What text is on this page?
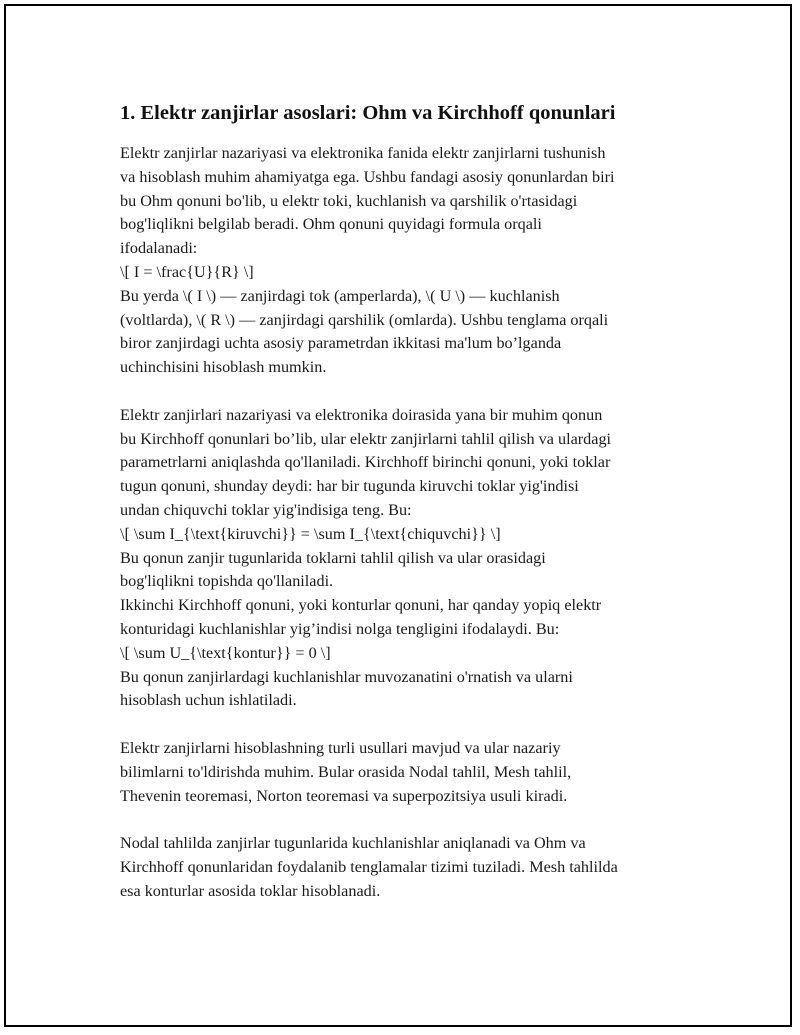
1. Elektr zanjirlar asoslari: Ohm va Kirchhoff qonunlari
Elektr zanjirlar nazariyasi va elektronika fanida elektr zanjirlarni tushunish
va hisoblash muhim ahamiyatga ega. Ushbu fandagi asosiy qonunlardan biri
bu Ohm qonuni bo'lib, u elektr toki, kuchlanish va qarshilik o'rtasidagi
bog'liqlikni belgilab beradi. Ohm qonuni quyidagi formula orqali
ifodalanadi:
\[ I = \frac{U}{R} \]
Bu yerda \( I \) — zanjirdagi tok (amperlarda), \( U \) — kuchlanish
(voltlarda), \( R \) — zanjirdagi qarshilik (omlarda). Ushbu tenglama orqali
biror zanjirdagi uchta asosiy parametrdan ikkitasi ma'lum bo’lganda
uchinchisini hisoblash mumkin.
Elektr zanjirlari nazariyasi va elektronika doirasida yana bir muhim qonun
bu Kirchhoff qonunlari bo’lib, ular elektr zanjirlarni tahlil qilish va ulardagi
parametrlarni aniqlashda qo'llaniladi. Kirchhoff birinchi qonuni, yoki toklar
tugun qonuni, shunday deydi: har bir tugunda kiruvchi toklar yig'indisi
undan chiquvchi toklar yig'indisiga teng. Bu:
\[ \sum I_{\text{kiruvchi}} = \sum I_{\text{chiquvchi}} \]
Bu qonun zanjir tugunlarida toklarni tahlil qilish va ular orasidagi
bog'liqlikni topishda qo'llaniladi.
Ikkinchi Kirchhoff qonuni, yoki konturlar qonuni, har qanday yopiq elektr
konturidagi kuchlanishlar yig’indisi nolga tengligini ifodalaydi. Bu:
\[ \sum U_{\text{kontur}} = 0 \]
Bu qonun zanjirlardagi kuchlanishlar muvozanatini o'rnatish va ularni
hisoblash uchun ishlatiladi.
Elektr zanjirlarni hisoblashning turli usullari mavjud va ular nazariy
bilimlarni to'ldirishda muhim. Bular orasida Nodal tahlil, Mesh tahlil,
Thevenin teoremasi, Norton teoremasi va superpozitsiya usuli kiradi.
Nodal tahlilda zanjirlar tugunlarida kuchlanishlar aniqlanadi va Ohm va
Kirchhoff qonunlaridan foydalanib tenglamalar tizimi tuziladi. Mesh tahlilda
esa konturlar asosida toklar hisoblanadi.
